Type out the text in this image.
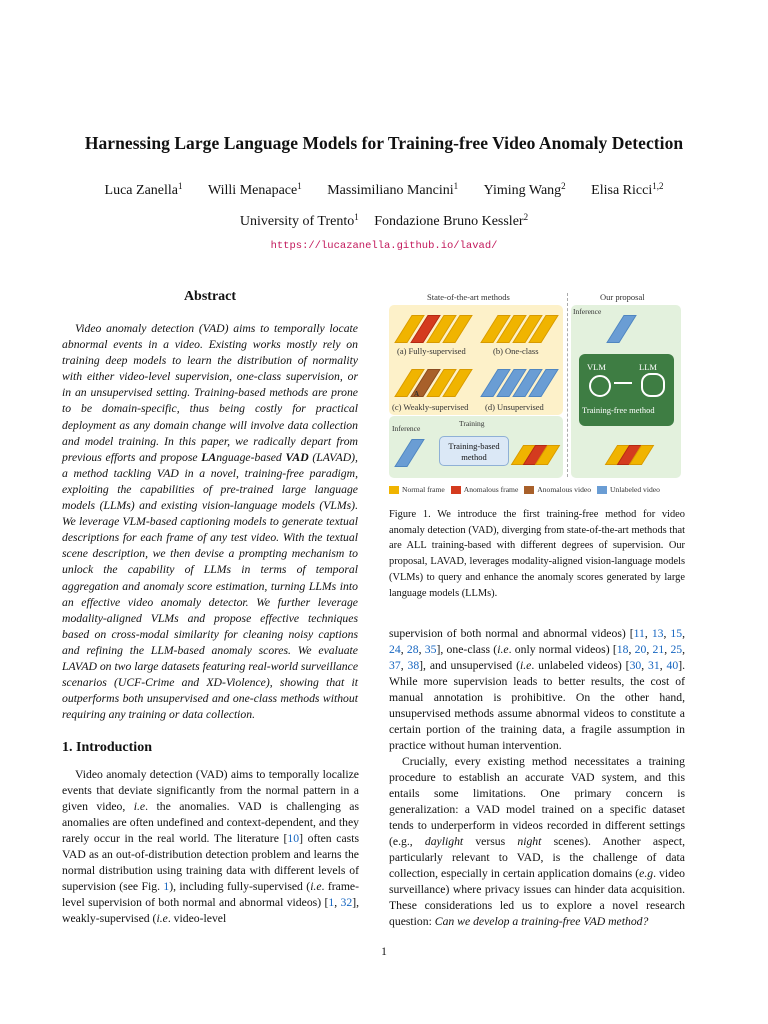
Harnessing Large Language Models for Training-free Video Anomaly Detection
Luca Zanella$^1$ Willi Menapace$^1$ Massimiliano Mancini$^1$ Yiming Wang$^2$ Elisa Ricci$^{1,2}$
University of Trento$^1$ Fondazione Bruno Kessler$^2$
https://lucazanella.github.io/lavad/
Abstract
Video anomaly detection (VAD) aims to temporally locate abnormal events in a video. Existing works mostly rely on training deep models to learn the distribution of normality with either video-level supervision, one-class supervision, or in an unsupervised setting. Training-based methods are prone to be domain-specific, thus being costly for practical deployment as any domain change will involve data collection and model training. In this paper, we radically depart from previous efforts and propose LAnguage-based VAD (LAVAD), a method tackling VAD in a novel, training-free paradigm, exploiting the capabilities of pre-trained large language models (LLMs) and existing vision-language models (VLMs). We leverage VLM-based captioning models to generate textual descriptions for each frame of any test video. With the textual scene description, we then devise a prompting mechanism to unlock the capability of LLMs in terms of temporal aggregation and anomaly score estimation, turning LLMs into an effective video anomaly detector. We further leverage modality-aligned VLMs and propose effective techniques based on cross-modal similarity for cleaning noisy captions and refining the LLM-based anomaly scores. We evaluate LAVAD on two large datasets featuring real-world surveillance scenarios (UCF-Crime and XD-Violence), showing that it outperforms both unsupervised and one-class methods without requiring any training or data collection.
1. Introduction

Video anomaly detection (VAD) aims to temporally localize events that deviate significantly from the normal pattern in a given video, i.e. the anomalies. VAD is challenging as anomalies are often undefined and context-dependent, and they rarely occur in the real world. The literature [10] often casts VAD as an out-of-distribution detection problem and learns the normal distribution using training data with different levels of supervision (see Fig. 1), including fully-supervised (i.e. frame-level supervision of both normal and abnormal videos) [1, 32], weakly-supervised (i.e. video-level

State-of-the-art methods	Our proposal
Inference
Inference
Training
(a) Fully-supervised	(b) One-class
A
(c) Weakly-supervised (d) Unsupervised
Training-based method
VLM	LLM
Training-free method
Normal frame Anomalous frame Anomalous video Unlabeled video
Figure 1. We introduce the first training-free method for video anomaly detection (VAD), diverging from state-of-the-art methods that are ALL training-based with different degrees of supervision. Our proposal, LAVAD, leverages modality-aligned vision-language models (VLMs) to query and enhance the anomaly scores generated by large language models (LLMs).

supervision of both normal and abnormal videos) [11, 13, 15, 24, 28, 35], one-class (i.e. only normal videos) [18, 20, 21, 25, 37, 38], and unsupervised (i.e. unlabeled videos) [30, 31, 40]. While more supervision leads to better results, the cost of manual annotation is prohibitive. On the other hand, unsupervised methods assume abnormal videos to constitute a certain portion of the training data, a fragile assumption in practice without human intervention.

Crucially, every existing method necessitates a training procedure to establish an accurate VAD system, and this entails some limitations. One primary concern is generalization: a VAD model trained on a specific dataset tends to underperform in videos recorded in different settings (e.g., daylight versus night scenes). Another aspect, particularly relevant to VAD, is the challenge of data collection, especially in certain application domains (e.g. video surveillance) where privacy issues can hinder data acquisition. These considerations led us to explore a novel research question: Can we develop a training-free VAD method?

1
